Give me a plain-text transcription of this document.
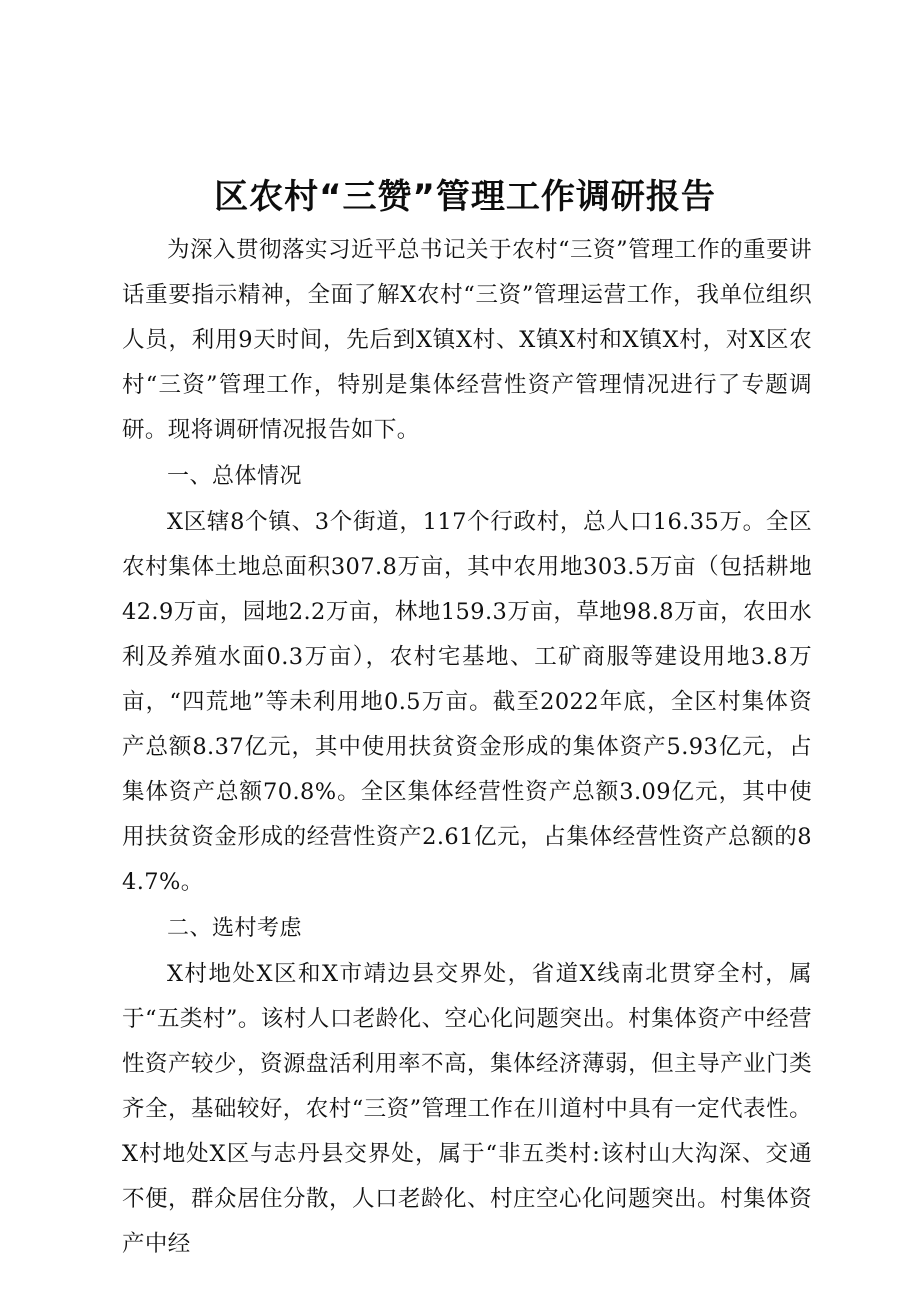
区农村“三赞”管理工作调研报告

为深入贯彻落实习近平总书记关于农村“三资”管理工作的重要讲话重要指示精神，全面了解X农村“三资”管理运营工作，我单位组织人员，利用9天时间，先后到X镇X村、X镇X村和X镇X村，对X区农村“三资”管理工作，特别是集体经营性资产管理情况进行了专题调研。现将调研情况报告如下。

一、总体情况

X区辖8个镇、3个街道，117个行政村，总人口16.35万。全区农村集体土地总面积307.8万亩，其中农用地303.5万亩（包括耕地42.9万亩，园地2.2万亩，林地159.3万亩，草地98.8万亩，农田水利及养殖水面0.3万亩），农村宅基地、工矿商服等建设用地3.8万亩，“四荒地”等未利用地0.5万亩。截至2022年底，全区村集体资产总额8.37亿元，其中使用扶贫资金形成的集体资产5.93亿元，占集体资产总额70.8%。全区集体经营性资产总额3.09亿元，其中使用扶贫资金形成的经营性资产2.61亿元，占集体经营性资产总额的84.7%。

二、选村考虑

X村地处X区和X市靖边县交界处，省道X线南北贯穿全村，属于“五类村”。该村人口老龄化、空心化问题突出。村集体资产中经营性资产较少，资源盘活利用率不高，集体经济薄弱，但主导产业门类齐全，基础较好，农村“三资”管理工作在川道村中具有一定代表性。X村地处X区与志丹县交界处，属于“非五类村:该村山大沟深、交通不便，群众居住分散，人口老龄化、村庄空心化问题突出。村集体资产中经
